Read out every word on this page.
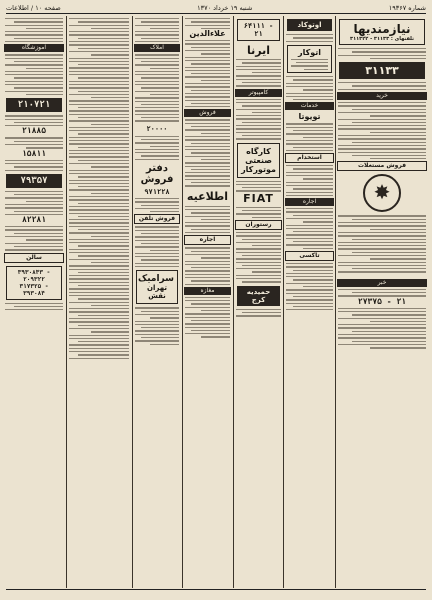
شماره ۱۹۳۶۷
شنبه ۱۹ خرداد ۱۳۷۰
صفحه ۱۰ / اطلاعات
نیازمندیها
تلفنهای : ۳۱۱۳۳ - ۳۱۱۳۲۲
۳۱۱۳۳
خرید
فروش مستغلات
✸
خبر
۲۷۳۷۵ - ۲۱
اوتوکاد
اتوکار
خدمات
تویوتا
استخدام
اجاره
تاکسی
۶۴۱۱۱ - ۲۱
ایرنا
کامپیوتر
کارگاه صنعتی
موتورکار
FIAT
رستوران
حمیدیه کرج
علاءالدین
فروش
اطلاعیه
اجاره
مغازه
املاک
۲۰۰۰۰
دفتر فروش
۹۷۱۲۲۸
فروش تلفن
سرامیک
تهران نقش
آموزشگاه
۲۱۰۷۲۱
۲۱۸۸۵
۱۵۸۱۱
۷۹۳۵۷
۸۲۲۸۱
سالن
۳۹۳۰۸۴۳ - ۲۰۹۳۲۲
۳۱۷۳۲۵ - ۳۹۳۰۸۴
